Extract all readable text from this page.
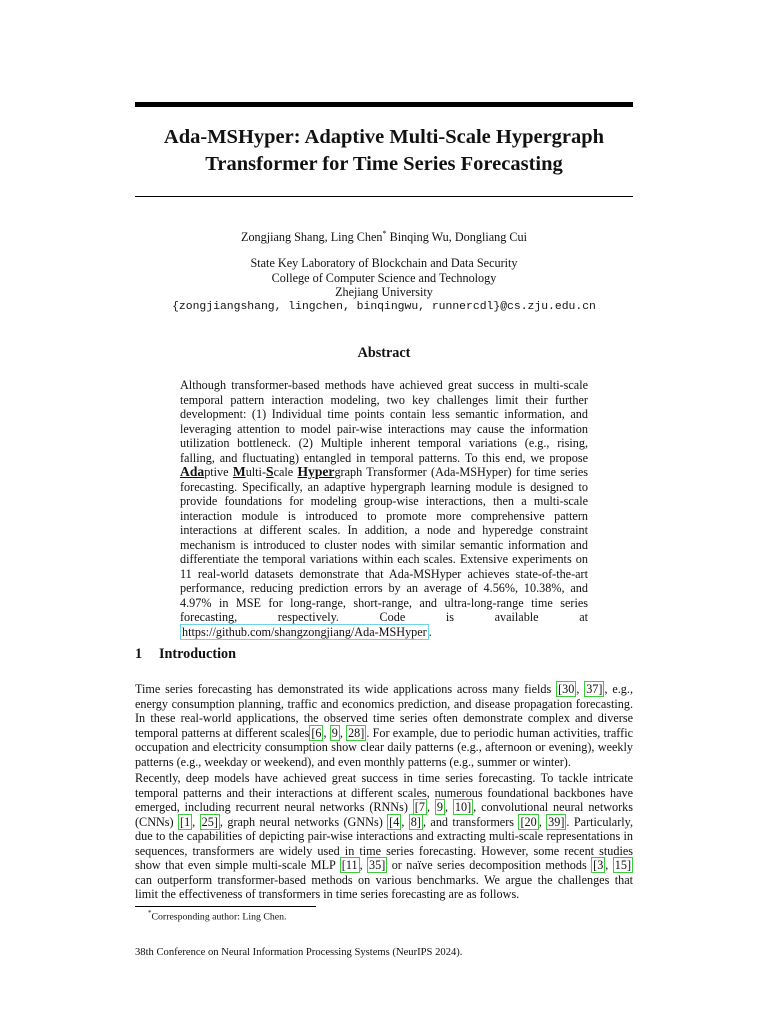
Ada-MSHyper: Adaptive Multi-Scale Hypergraph
Transformer for Time Series Forecasting
Zongjiang Shang, Ling Chen* Binqing Wu, Dongliang Cui
State Key Laboratory of Blockchain and Data Security
College of Computer Science and Technology
Zhejiang University
{zongjiangshang, lingchen, binqingwu, runnercdl}@cs.zju.edu.cn
Abstract

Although transformer-based methods have achieved great success in multi-scale temporal pattern interaction modeling, two key challenges limit their further development: (1) Individual time points contain less semantic information, and leveraging attention to model pair-wise interactions may cause the information utilization bottleneck. (2) Multiple inherent temporal variations (e.g., rising, falling, and fluctuating) entangled in temporal patterns. To this end, we propose Adaptive Multi-Scale Hypergraph Transformer (Ada-MSHyper) for time series forecasting. Specifically, an adaptive hypergraph learning module is designed to provide foundations for modeling group-wise interactions, then a multi-scale interaction module is introduced to promote more comprehensive pattern interactions at different scales. In addition, a node and hyperedge constraint mechanism is introduced to cluster nodes with similar semantic information and differentiate the temporal variations within each scales. Extensive experiments on 11 real-world datasets demonstrate that Ada-MSHyper achieves state-of-the-art performance, reducing prediction errors by an average of 4.56%, 10.38%, and 4.97% in MSE for long-range, short-range, and ultra-long-range time series forecasting, respectively. Code is available at https://github.com/shangzongjiang/Ada-MSHyper .

1 Introduction

Time series forecasting has demonstrated its wide applications across many fields [30 , 37] , e.g., energy consumption planning, traffic and economics prediction, and disease propagation forecasting. In these real-world applications, the observed time series often demonstrate complex and diverse temporal patterns at different scales [6 , 9 , 28] . For example, due to periodic human activities, traffic occupation and electricity consumption show clear daily patterns (e.g., afternoon or evening), weekly patterns (e.g., weekday or weekend), and even monthly patterns (e.g., summer or winter).

Recently, deep models have achieved great success in time series forecasting. To tackle intricate temporal patterns and their interactions at different scales, numerous foundational backbones have emerged, including recurrent neural networks (RNNs) [7 , 9 , 10] , convolutional neural networks (CNNs) [1 , 25] , graph neural networks (GNNs) [4 , 8] , and transformers [20 , 39] . Particularly, due to the capabilities of depicting pair-wise interactions and extracting multi-scale representations in sequences, transformers are widely used in time series forecasting. However, some recent studies show that even simple multi-scale MLP [11 , 35] or naïve series decomposition methods [3 , 15] can outperform transformer-based methods on various benchmarks. We argue the challenges that limit the effectiveness of transformers in time series forecasting are as follows.

*Corresponding author: Ling Chen.
38th Conference on Neural Information Processing Systems (NeurIPS 2024).
